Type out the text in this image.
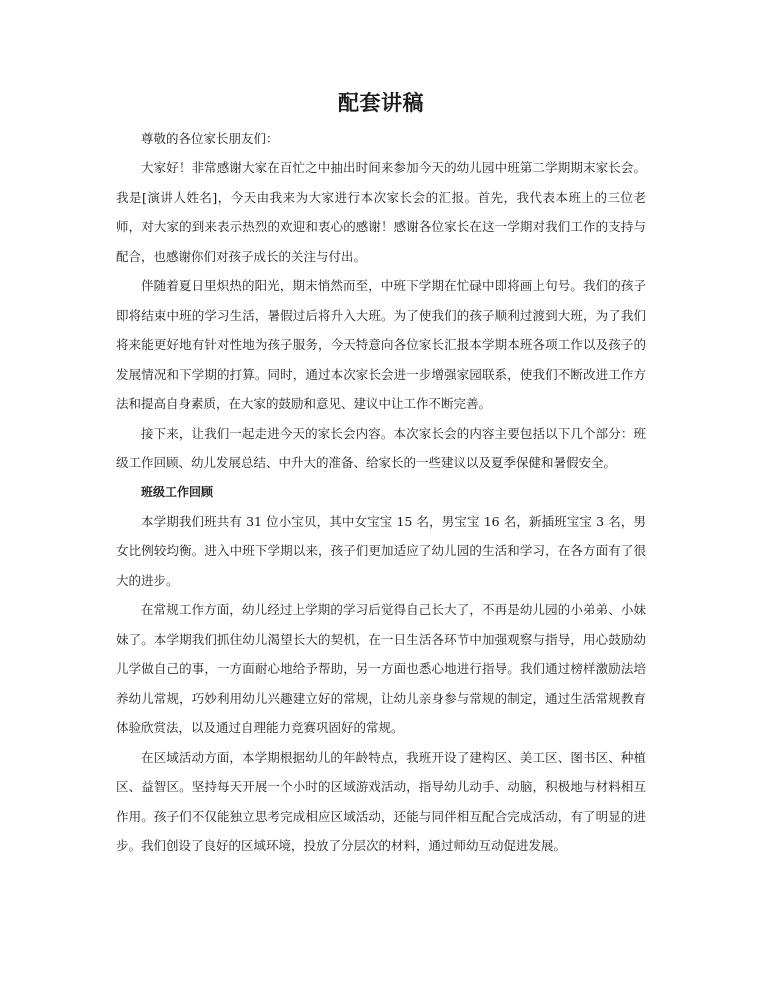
配套讲稿

尊敬的各位家长朋友们：

大家好！非常感谢大家在百忙之中抽出时间来参加今天的幼儿园中班第二学期期末家长会。我是[演讲人姓名]，今天由我来为大家进行本次家长会的汇报。首先，我代表本班上的三位老师，对大家的到来表示热烈的欢迎和衷心的感谢！感谢各位家长在这一学期对我们工作的支持与配合，也感谢你们对孩子成长的关注与付出。

伴随着夏日里炽热的阳光，期末悄然而至，中班下学期在忙碌中即将画上句号。我们的孩子即将结束中班的学习生活，暑假过后将升入大班。为了使我们的孩子顺利过渡到大班，为了我们将来能更好地有针对性地为孩子服务，今天特意向各位家长汇报本学期本班各项工作以及孩子的发展情况和下学期的打算。同时，通过本次家长会进一步增强家园联系，使我们不断改进工作方法和提高自身素质，在大家的鼓励和意见、建议中让工作不断完善。

接下来，让我们一起走进今天的家长会内容。本次家长会的内容主要包括以下几个部分：班级工作回顾、幼儿发展总结、中升大的准备、给家长的一些建议以及夏季保健和暑假安全。

班级工作回顾

本学期我们班共有 31 位小宝贝，其中女宝宝 15 名，男宝宝 16 名，新插班宝宝 3 名，男女比例较均衡。进入中班下学期以来，孩子们更加适应了幼儿园的生活和学习，在各方面有了很大的进步。

在常规工作方面，幼儿经过上学期的学习后觉得自己长大了，不再是幼儿园的小弟弟、小妹妹了。本学期我们抓住幼儿渴望长大的契机，在一日生活各环节中加强观察与指导，用心鼓励幼儿学做自己的事，一方面耐心地给予帮助，另一方面也悉心地进行指导。我们通过榜样激励法培养幼儿常规，巧妙利用幼儿兴趣建立好的常规，让幼儿亲身参与常规的制定，通过生活常规教育体验欣赏法，以及通过自理能力竞赛巩固好的常规。

在区域活动方面，本学期根据幼儿的年龄特点，我班开设了建构区、美工区、图书区、种植区、益智区。坚持每天开展一个小时的区域游戏活动，指导幼儿动手、动脑，积极地与材料相互作用。孩子们不仅能独立思考完成相应区域活动，还能与同伴相互配合完成活动，有了明显的进步。我们创设了良好的区域环境，投放了分层次的材料，通过师幼互动促进发展。
